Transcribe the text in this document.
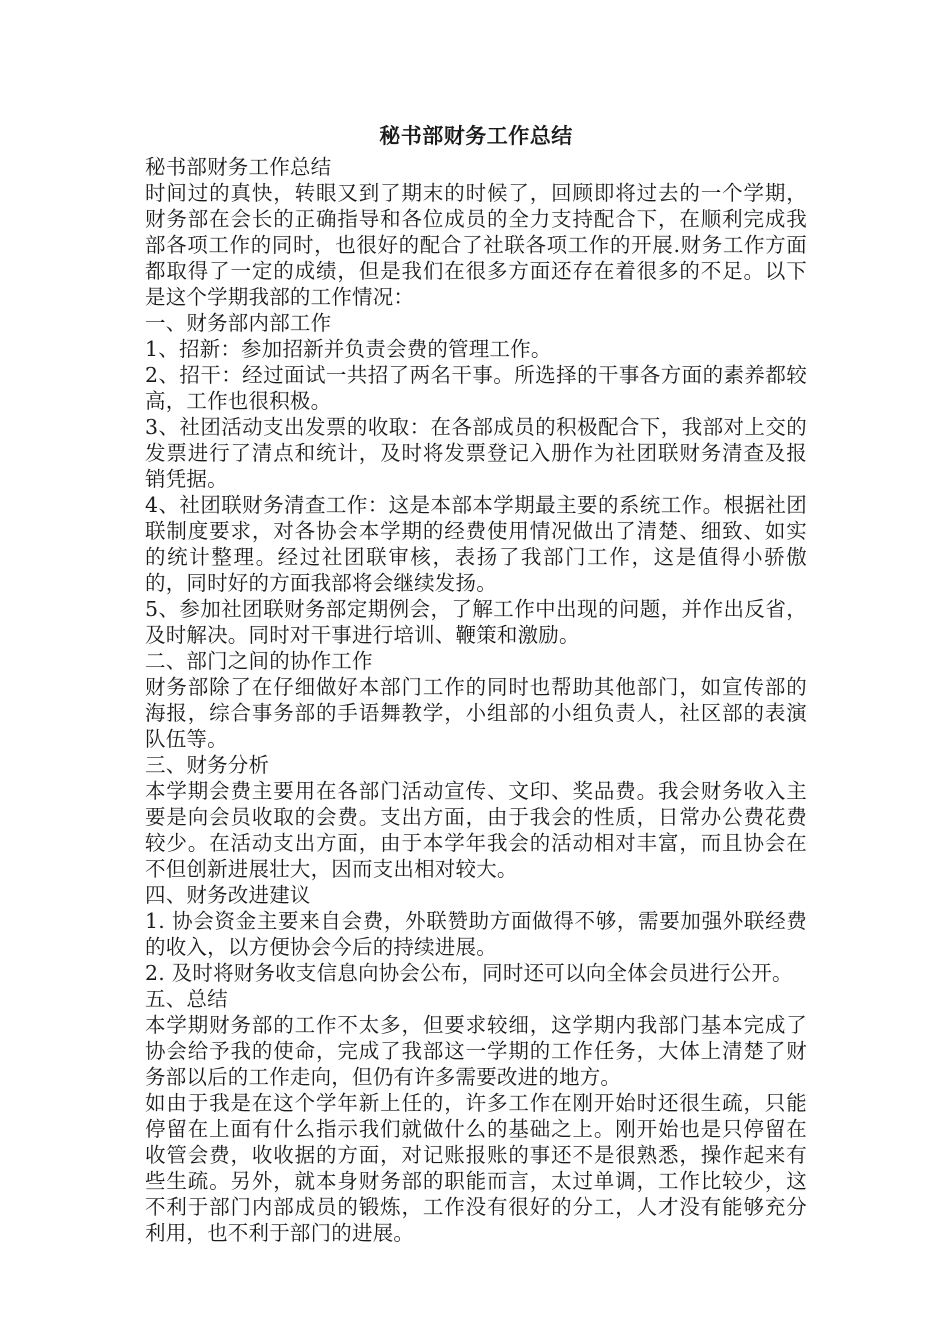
秘书部财务工作总结

秘书部财务工作总结

时间过的真快，转眼又到了期末的时候了，回顾即将过去的一个学期，财务部在会长的正确指导和各位成员的全力支持配合下，在顺利完成我部各项工作的同时，也很好的配合了社联各项工作的开展.财务工作方面都取得了一定的成绩，但是我们在很多方面还存在着很多的不足。以下是这个学期我部的工作情况：

一、财务部内部工作

1、招新：参加招新并负责会费的管理工作。

2、招干：经过面试一共招了两名干事。所选择的干事各方面的素养都较高，工作也很积极。

3、社团活动支出发票的收取：在各部成员的积极配合下，我部对上交的发票进行了清点和统计，及时将发票登记入册作为社团联财务清查及报销凭据。

4、社团联财务清查工作：这是本部本学期最主要的系统工作。根据社团联制度要求，对各协会本学期的经费使用情况做出了清楚、细致、如实的统计整理。经过社团联审核，表扬了我部门工作，这是值得小骄傲的，同时好的方面我部将会继续发扬。

5、参加社团联财务部定期例会，了解工作中出现的问题，并作出反省，及时解决。同时对干事进行培训、鞭策和激励。

二、部门之间的协作工作

财务部除了在仔细做好本部门工作的同时也帮助其他部门，如宣传部的海报，综合事务部的手语舞教学，小组部的小组负责人，社区部的表演队伍等。

三、财务分析

本学期会费主要用在各部门活动宣传、文印、奖品费。我会财务收入主要是向会员收取的会费。支出方面，由于我会的性质，日常办公费花费较少。在活动支出方面，由于本学年我会的活动相对丰富，而且协会在不但创新进展壮大，因而支出相对较大。

四、财务改进建议

1. 协会资金主要来自会费，外联赞助方面做得不够，需要加强外联经费的收入，以方便协会今后的持续进展。

2. 及时将财务收支信息向协会公布，同时还可以向全体会员进行公开。

五、总结

本学期财务部的工作不太多，但要求较细，这学期内我部门基本完成了协会给予我的使命，完成了我部这一学期的工作任务，大体上清楚了财务部以后的工作走向，但仍有许多需要改进的地方。

如由于我是在这个学年新上任的，许多工作在刚开始时还很生疏，只能停留在上面有什么指示我们就做什么的基础之上。刚开始也是只停留在收管会费，收收据的方面，对记账报账的事还不是很熟悉，操作起来有些生疏。另外，就本身财务部的职能而言，太过单调，工作比较少，这不利于部门内部成员的锻炼，工作没有很好的分工，人才没有能够充分利用，也不利于部门的进展。
